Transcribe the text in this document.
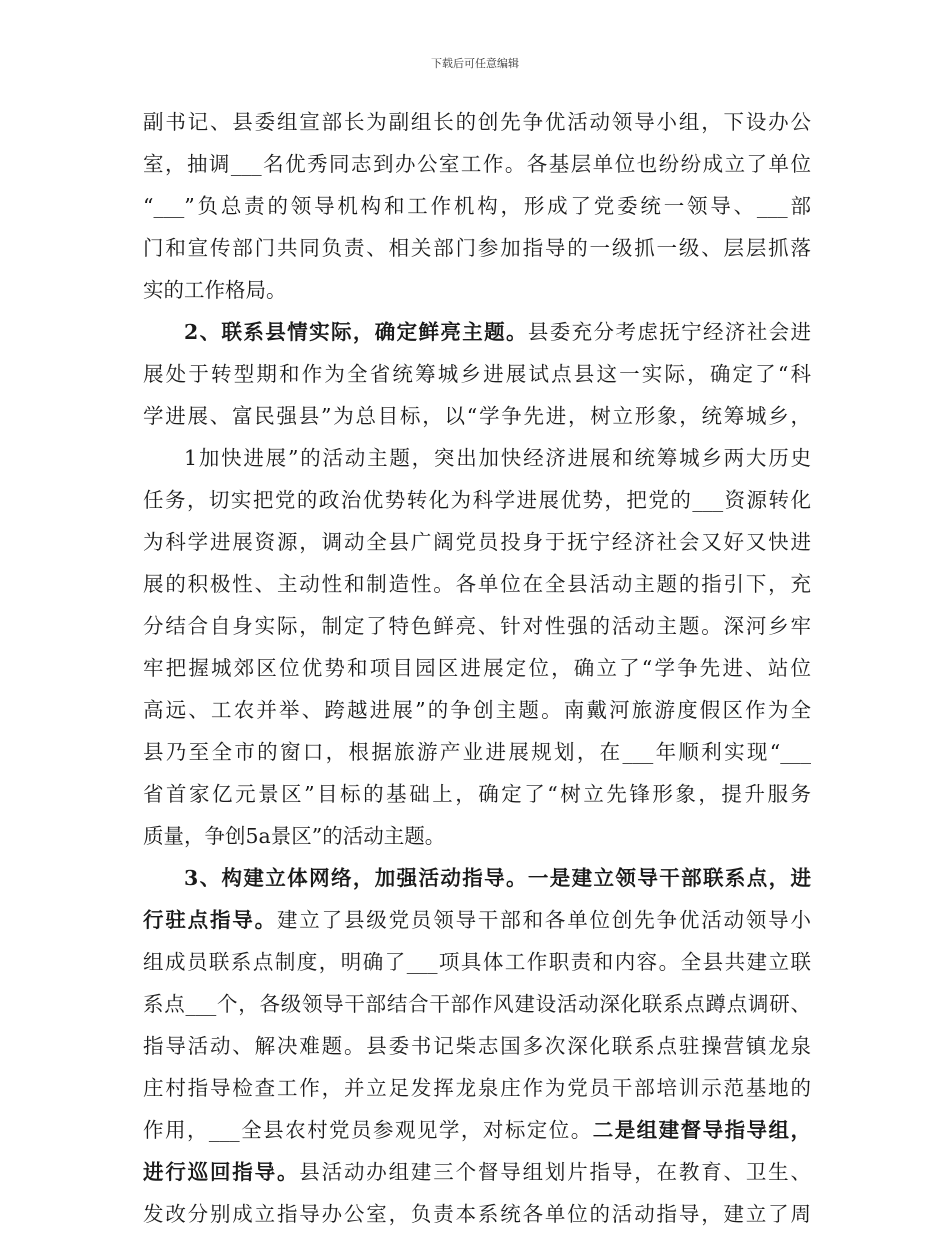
下载后可任意编辑
副书记、县委组宣部长为副组长的创先争优活动领导小组，下设办公
室，抽调___名优秀同志到办公室工作。各基层单位也纷纷成立了单位
“___”负总责的领导机构和工作机构，形成了党委统一领导、___部
门和宣传部门共同负责、相关部门参加指导的一级抓一级、层层抓落
实的工作格局。
2、联系县情实际，确定鲜亮主题。县委充分考虑抚宁经济社会进
展处于转型期和作为全省统筹城乡进展试点县这一实际，确定了“科
学进展、富民强县”为总目标，以“学争先进，树立形象，统筹城乡，
1加快进展”的活动主题，突出加快经济进展和统筹城乡两大历史
任务，切实把党的政治优势转化为科学进展优势，把党的___资源转化
为科学进展资源，调动全县广阔党员投身于抚宁经济社会又好又快进
展的积极性、主动性和制造性。各单位在全县活动主题的指引下，充
分结合自身实际，制定了特色鲜亮、针对性强的活动主题。深河乡牢
牢把握城郊区位优势和项目园区进展定位，确立了“学争先进、站位
高远、工农并举、跨越进展”的争创主题。南戴河旅游度假区作为全
县乃至全市的窗口，根据旅游产业进展规划，在___年顺利实现“___
省首家亿元景区”目标的基础上，确定了“树立先锋形象，提升服务
质量，争创5a景区”的活动主题。
3、构建立体网络，加强活动指导。一是建立领导干部联系点，进
行驻点指导。建立了县级党员领导干部和各单位创先争优活动领导小
组成员联系点制度，明确了___项具体工作职责和内容。全县共建立联
系点___个，各级领导干部结合干部作风建设活动深化联系点蹲点调研、
指导活动、解决难题。县委书记柴志国多次深化联系点驻操营镇龙泉
庄村指导检查工作，并立足发挥龙泉庄作为党员干部培训示范基地的
作用，___全县农村党员参观见学，对标定位。二是组建督导指导组，
进行巡回指导。县活动办组建三个督导组划片指导，在教育、卫生、
发改分别成立指导办公室，负责本系统各单位的活动指导，建立了周
